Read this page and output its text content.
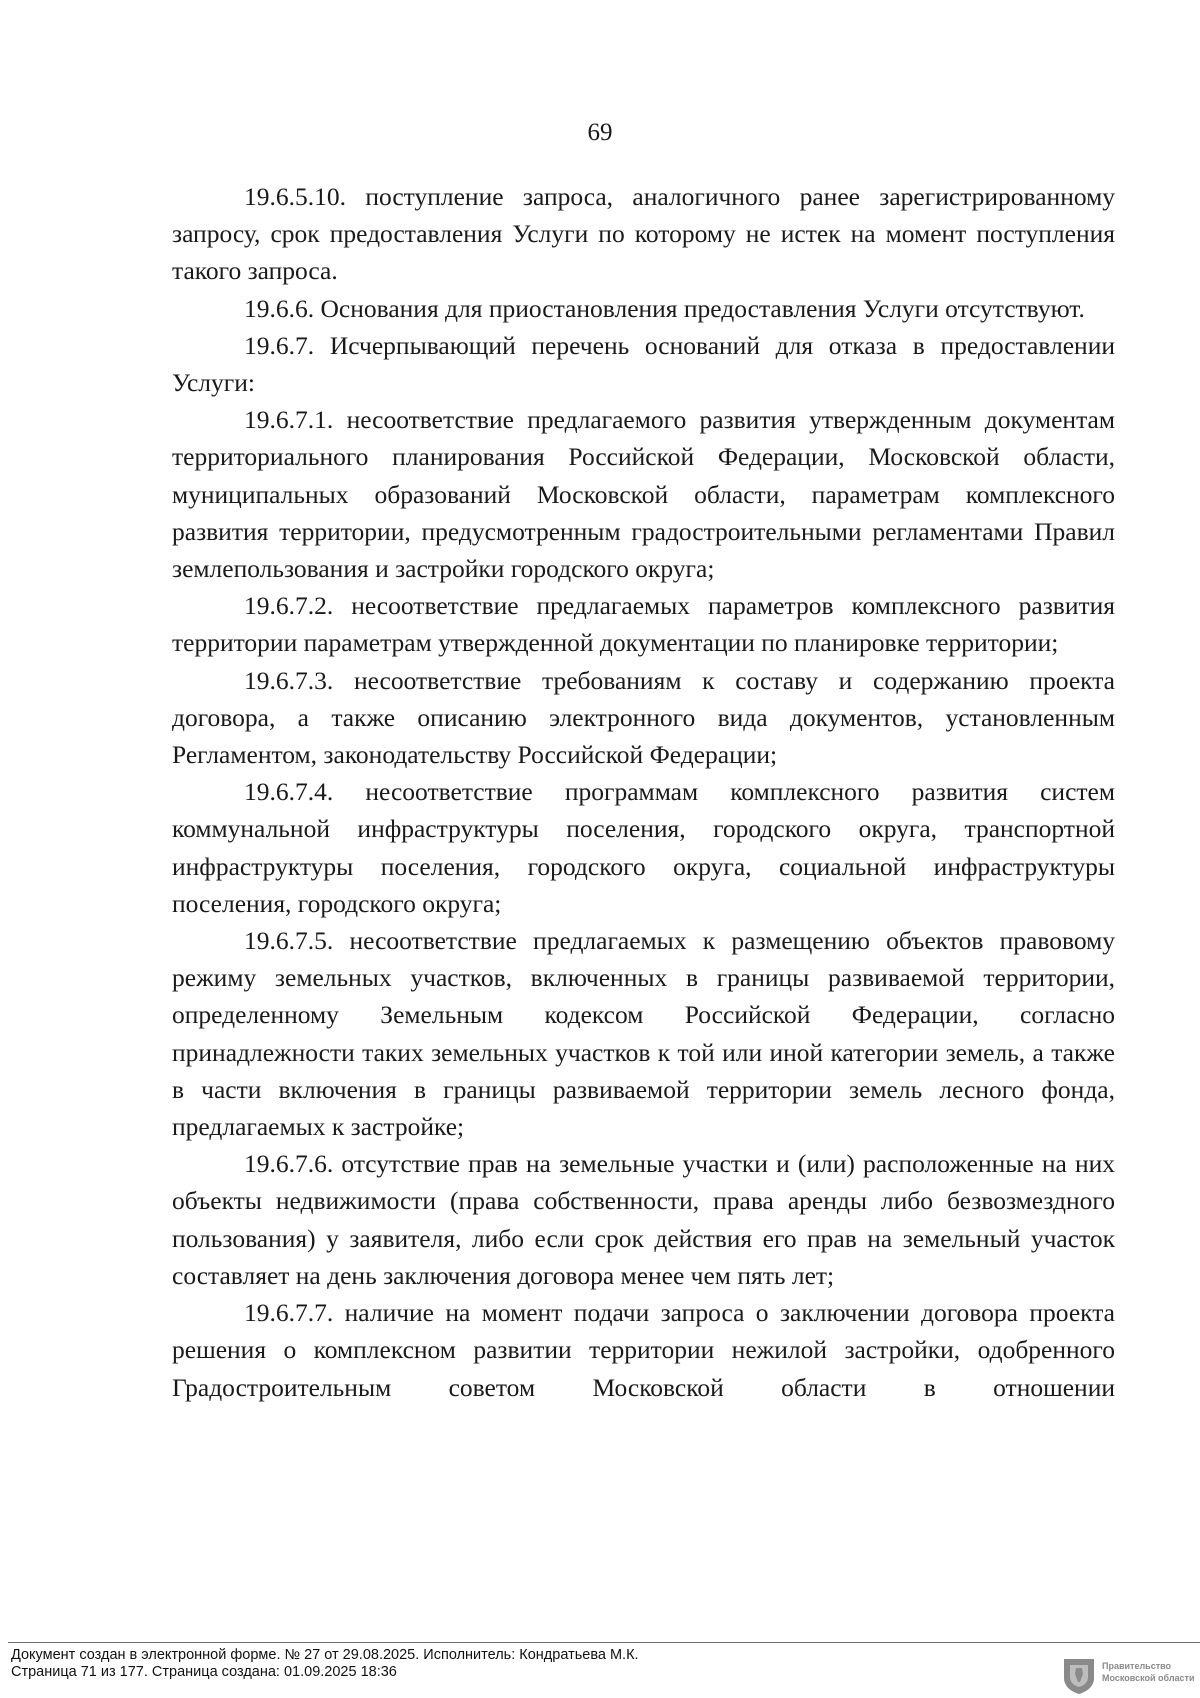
69

19.6.5.10. поступление запроса, аналогичного ранее зарегистрированному запросу, срок предоставления Услуги по которому не истек на момент поступления такого запроса.

19.6.6. Основания для приостановления предоставления Услуги отсутствуют.

19.6.7. Исчерпывающий перечень оснований для отказа в предоставлении Услуги:

19.6.7.1. несоответствие предлагаемого развития утвержденным документам территориального планирования Российской Федерации, Московской области, муниципальных образований Московской области, параметрам комплексного развития территории, предусмотренным градостроительными регламентами Правил землепользования и застройки городского округа;

19.6.7.2. несоответствие предлагаемых параметров комплексного развития территории параметрам утвержденной документации по планировке территории;

19.6.7.3. несоответствие требованиям к составу и содержанию проекта договора, а также описанию электронного вида документов, установленным Регламентом, законодательству Российской Федерации;

19.6.7.4. несоответствие программам комплексного развития систем коммунальной инфраструктуры поселения, городского округа, транспортной инфраструктуры поселения, городского округа, социальной инфраструктуры поселения, городского округа;

19.6.7.5. несоответствие предлагаемых к размещению объектов правовому режиму земельных участков, включенных в границы развиваемой территории, определенному Земельным кодексом Российской Федерации, согласно принадлежности таких земельных участков к той или иной категории земель, а также в части включения в границы развиваемой территории земель лесного фонда, предлагаемых к застройке;

19.6.7.6. отсутствие прав на земельные участки и (или) расположенные на них объекты недвижимости (права собственности, права аренды либо безвозмездного пользования) у заявителя, либо если срок действия его прав на земельный участок составляет на день заключения договора менее чем пять лет;

19.6.7.7. наличие на момент подачи запроса о заключении договора проекта решения о комплексном развитии территории нежилой застройки, одобренного Градостроительным советом Московской области в отношении

Документ создан в электронной форме. № 27 от 29.08.2025. Исполнитель: Кондратьева М.К.
Страница 71 из 177. Страница создана: 01.09.2025 18:36	Правительство
Московской области
